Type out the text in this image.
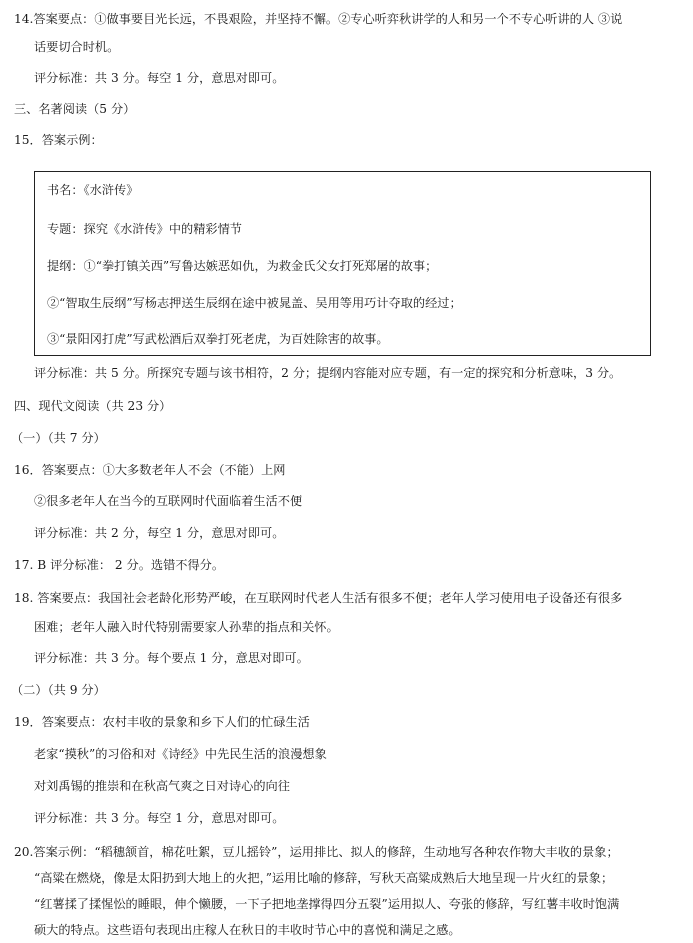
14.答案要点：①做事要目光长远，不畏艰险，并坚持不懈。②专心听弈秋讲学的人和另一个不专心听讲的人 ③说
话要切合时机。
评分标准：共 3 分。每空 1 分，意思对即可。
三、名著阅读（5 分）
15．答案示例：
书名：《水浒传》
专题：探究《水浒传》中的精彩情节
提纲：①“拳打镇关西”写鲁达嫉恶如仇，为救金氏父女打死郑屠的故事；
②“智取生辰纲”写杨志押送生辰纲在途中被晁盖、吴用等用巧计夺取的经过；
③“景阳冈打虎”写武松酒后双拳打死老虎，为百姓除害的故事。
评分标准：共 5 分。所探究专题与该书相符，2 分；提纲内容能对应专题，有一定的探究和分析意味，3 分。
四、现代文阅读（共 23 分）
（一）（共 7 分）
16．答案要点：①大多数老年人不会（不能）上网
②很多老年人在当今的互联网时代面临着生活不便
评分标准：共 2 分，每空 1 分，意思对即可。
17. B 评分标准： 2 分。选错不得分。
18. 答案要点：我国社会老龄化形势严峻，在互联网时代老人生活有很多不便；老年人学习使用电子设备还有很多
困难；老年人融入时代特别需要家人孙辈的指点和关怀。
评分标准：共 3 分。每个要点 1 分，意思对即可。
（二）（共 9 分）
19．答案要点：农村丰收的景象和乡下人们的忙碌生活
老家“摸秋”的习俗和对《诗经》中先民生活的浪漫想象
对刘禹锡的推崇和在秋高气爽之日对诗心的向往
评分标准：共 3 分。每空 1 分，意思对即可。
20.答案示例：“稻穗颔首，棉花吐絮，豆儿摇铃”，运用排比、拟人的修辞，生动地写各种农作物大丰收的景象；
“高粱在燃烧，像是太阳扔到大地上的火把，”运用比喻的修辞，写秋天高粱成熟后大地呈现一片火红的景象；
“红薯揉了揉惺忪的睡眼，伸个懒腰，一下子把地垄撑得四分五裂”运用拟人、夸张的修辞，写红薯丰收时饱满
硕大的特点。这些语句表现出庄稼人在秋日的丰收时节心中的喜悦和满足之感。
